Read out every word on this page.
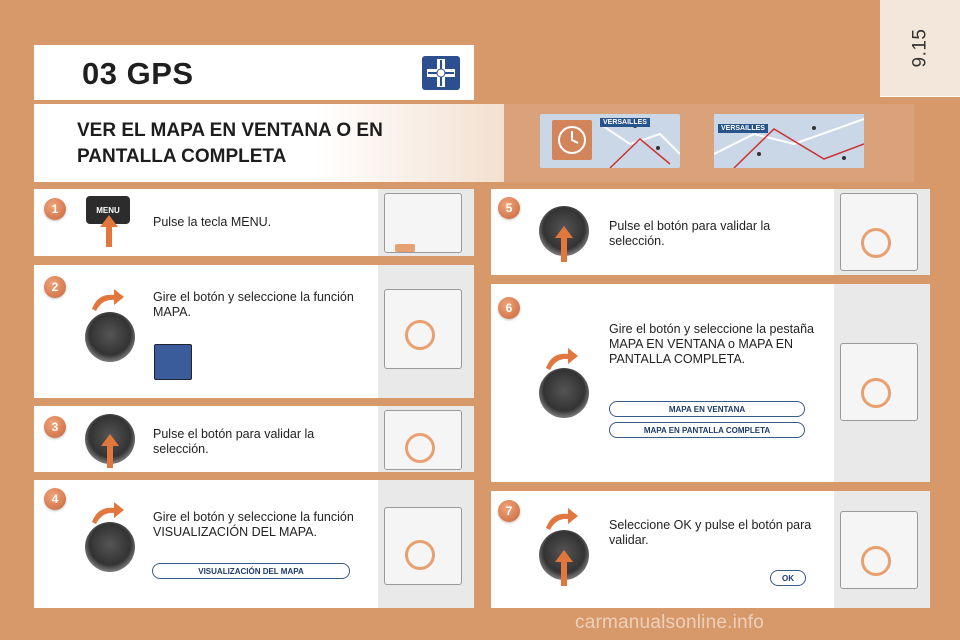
9.15
03 GPS
VER EL MAPA EN VENTANA O EN PANTALLA COMPLETA
VERSAILLES
VERSAILLES
1	MENU
Pulse la tecla MENU.
2
Gire el botón y seleccione la función MAPA.
3	Pulse el botón para validar la selección.
4
Gire el botón y seleccione la función VISUALIZACIÓN DEL MAPA.
VISUALIZACIÓN DEL MAPA
5
Pulse el botón para validar la selección.
6
Gire el botón y seleccione la pestaña MAPA EN VENTANA o MAPA EN PANTALLA COMPLETA.
MAPA EN VENTANA
MAPA EN PANTALLA COMPLETA
7
Seleccione OK y pulse el botón para validar.
OK
carmanualsonline.info
